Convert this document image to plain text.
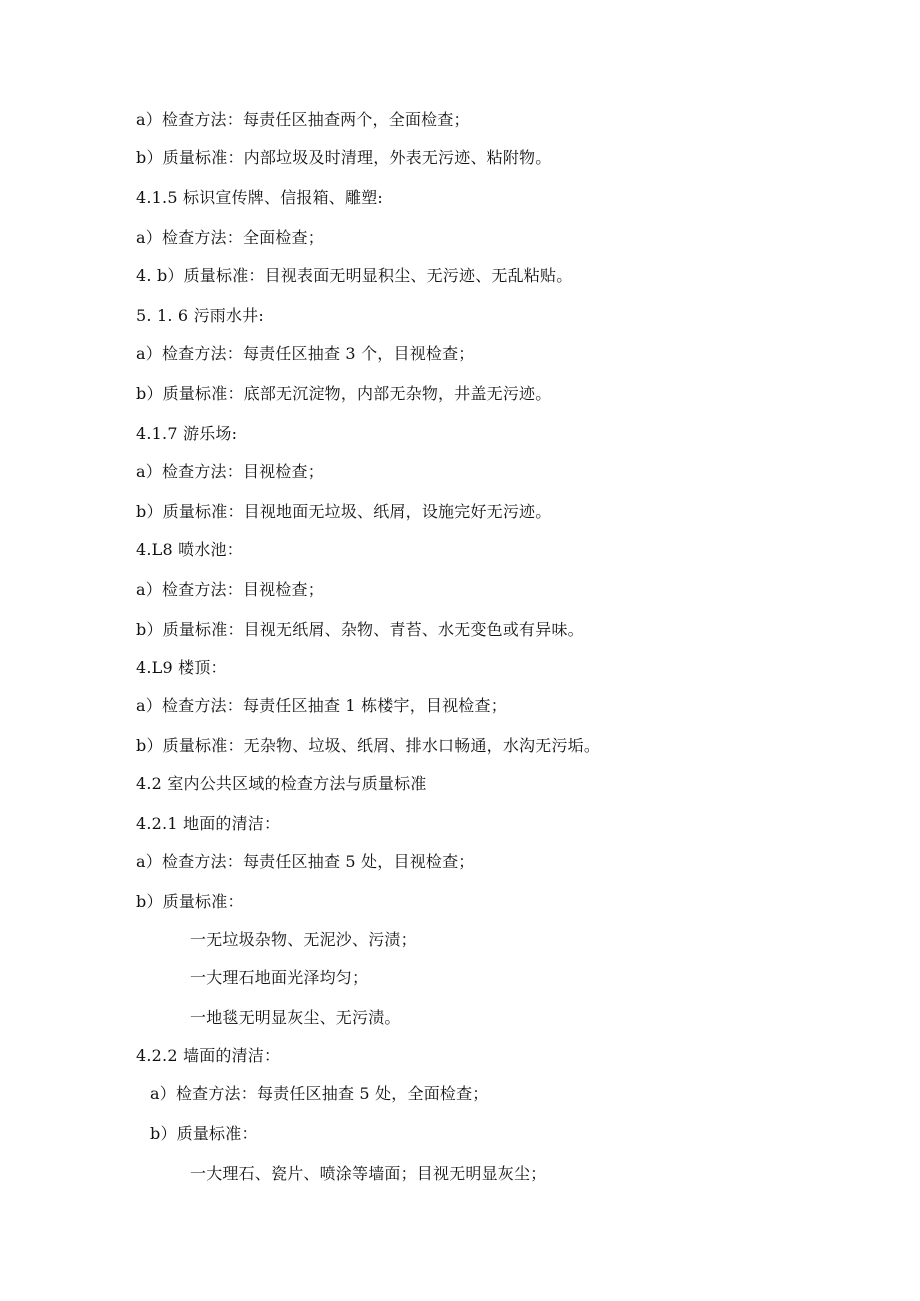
a）检查方法：每责任区抽查两个，全面检查；
b）质量标准：内部垃圾及时清理，外表无污迹、粘附物。
4.1.5 标识宣传牌、信报箱、雕塑:
a）检查方法：全面检查；
4. b）质量标准：目视表面无明显积尘、无污迹、无乱粘贴。
5. 1. 6 污雨水井:
a）检查方法：每责任区抽查 3 个，目视检查；
b）质量标准：底部无沉淀物，内部无杂物，井盖无污迹。
4.1.7 游乐场:
a）检查方法：目视检查；
b）质量标准：目视地面无垃圾、纸屑，设施完好无污迹。
4.L8 喷水池：
a）检查方法：目视检查；
b）质量标准：目视无纸屑、杂物、青苔、水无变色或有异味。
4.L9 楼顶：
a）检查方法：每责任区抽查 1 栋楼宇，目视检查；
b）质量标准：无杂物、垃圾、纸屑、排水口畅通，水沟无污垢。
4.2 室内公共区域的检查方法与质量标准
4.2.1 地面的清洁：
a）检查方法：每责任区抽查 5 处，目视检查；
b）质量标准：
一无垃圾杂物、无泥沙、污渍；
一大理石地面光泽均匀；
一地毯无明显灰尘、无污渍。
4.2.2 墙面的清洁：
a）检查方法：每责任区抽查 5 处，全面检查；
b）质量标准：
一大理石、瓷片、喷涂等墙面；目视无明显灰尘；
